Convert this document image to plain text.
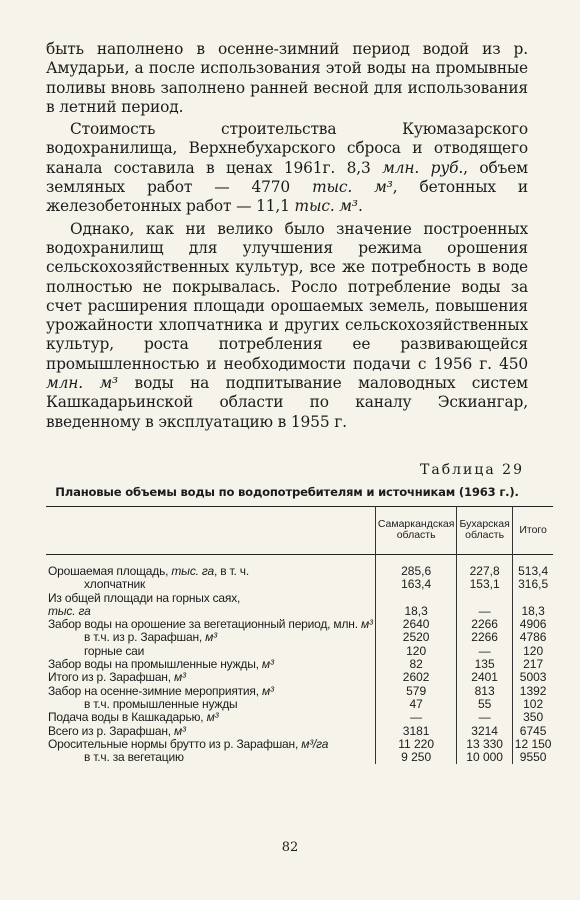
быть наполнено в осенне-зимний период водой из р. Амударьи, а после использования этой воды на промывные поливы вновь заполнено ранней весной для использования в летний период.

Стоимость строительства Куюмазарского водохранилища, Верхнебухарского сброса и отводящего канала составила в ценах 1961г. 8,3 млн. руб., объем земляных работ — 4770 тыс. м³, бетонных и железобетонных работ — 11,1 тыс. м³.

Однако, как ни велико было значение построенных водохранилищ для улучшения режима орошения сельскохозяйственных культур, все же потребность в воде полностью не покрывалась. Росло потребление воды за счет расширения площади орошаемых земель, повышения урожайности хлопчатника и других сельскохозяйственных культур, роста потребления ее развивающейся промышленностью и необходимости подачи с 1956 г. 450 млн. м³ воды на подпитывание маловодных систем Кашкадарьинской области по каналу Эскиангар, введенному в эксплуатацию в 1955 г.

Таблица 29
Плановые объемы воды по водопотребителям и источникам (1963 г.).
	Самаркандская область	Бухарская область	Итого

Орошаемая площадь, тыс. га, в т. ч.	285,6	227,8	513,4
хлопчатник	163,4	153,1	316,5
Из общей площади на горных саях,			
тыс. га	18,3	—	18,3
Забор воды на орошение за вегетационный период, млн. м³	2640	2266	4906
в т.ч. из р. Зарафшан, м³	2520	2266	4786
горные саи	120	—	120
Забор воды на промышленные нужды, м³	82	135	217
Итого из р. Зарафшан, м³	2602	2401	5003
Забор на осенне-зимние мероприятия, м³	579	813	1392
в т.ч. промышленные нужды	47	55	102
Подача воды в Кашкадарью, м³	—	—	350
Всего из р. Зарафшан, м³	3181	3214	6745
Оросительные нормы брутто из р. Зарафшан, м³/га	11 220	13 330	12 150
в т.ч. за вегетацию	9 250	10 000	9550
82
